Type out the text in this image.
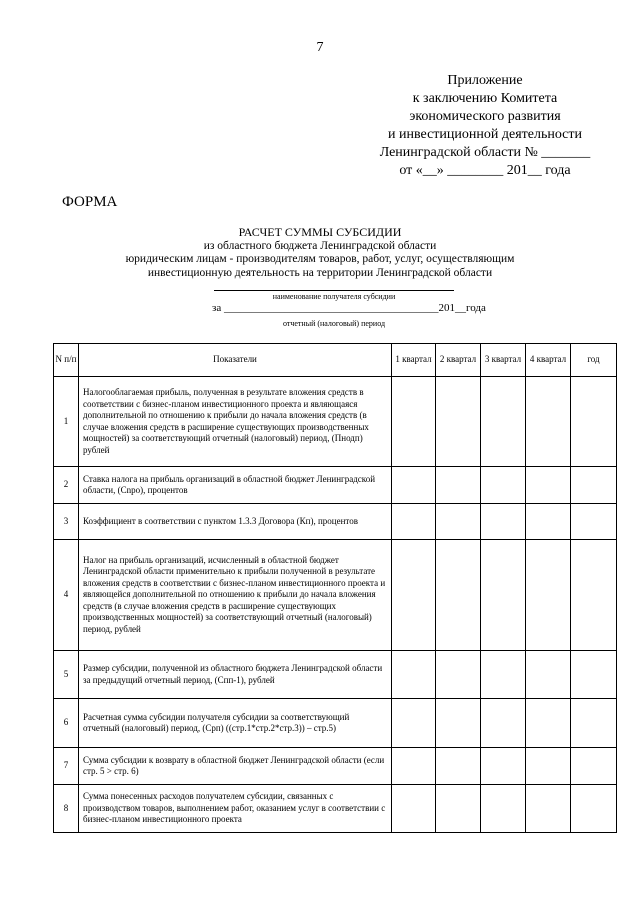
7
Приложение
к заключению Комитета
экономического развития
и инвестиционной деятельности
Ленинградской области № _______
от «__» ________ 201__ года
ФОРМА
РАСЧЕТ СУММЫ СУБСИДИИ
из областного бюджета Ленинградской области
юридическим лицам - производителям товаров, работ, услуг, осуществляющим
инвестиционную деятельность на территории Ленинградской области
наименование получателя субсидии
за _______________________________________201__года
отчетный (налоговый) период
N п/п	Показатели	1 квартал	2 квартал	3 квартал	4 квартал	год
1	Налогооблагаемая прибыль, полученная в результате вложения средств в соответствии с бизнес-планом инвестиционного проекта и являющаяся дополнительной по отношению к прибыли до начала вложения средств (в случае вложения средств в расширение существующих производственных мощностей) за соответствующий отчетный (налоговый) период, (Пнодп) рублей					
2	Ставка налога на прибыль организаций в областной бюджет Ленинградской области, (Сnpo), процентов					
3	Коэффициент в соответствии с пунктом 1.3.3 Договора (Кп), процентов					
4	Налог на прибыль организаций, исчисленный в областной бюджет Ленинградской области применительно к прибыли полученной в результате вложения средств в соответствии с бизнес-планом инвестиционного проекта и являющейся дополнительной по отношению к прибыли до начала вложения средств (в случае вложения средств в расширение существующих производственных мощностей) за соответствующий отчетный (налоговый) период, рублей					
5	Размер субсидии, полученной из областного бюджета Ленинградской области за предыдущий отчетный период, (Спп-1), рублей					
6	Расчетная сумма субсидии получателя субсидии за соответствующий отчетный (налоговый) период, (Срп) ((стр.1*стр.2*стр.3)) – стр.5)					
7	Сумма субсидии к возврату в областной бюджет Ленинградской области (если стр. 5 > стр. 6)					
8	Сумма понесенных расходов получателем субсидии, связанных с производством товаров, выполнением работ, оказанием услуг в соответствии с бизнес-планом инвестиционного проекта					
